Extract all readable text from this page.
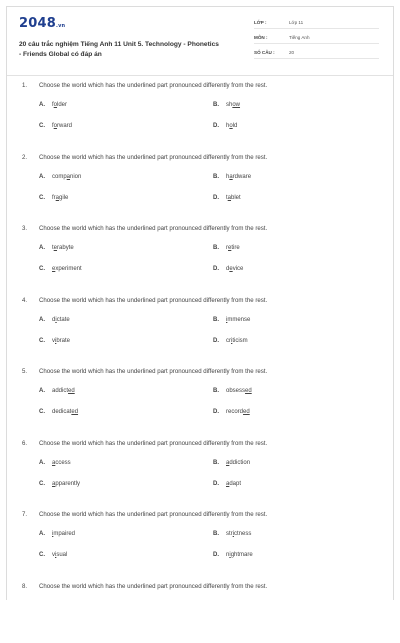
2048.vn
20 câu trắc nghiệm Tiếng Anh 11 Unit 5. Technology - Phonetics - Friends Global có đáp án
LỚP :	Lớp 11
MÔN :	Tiếng Anh
SỐ CÂU :	20
1. Choose the world which has the underlined part pronounced differently from the rest.
A. folder	B. show
C. forward	D. hold
2. Choose the world which has the underlined part pronounced differently from the rest.
A. companion	B. hardware
C. fragile	D. tablet
3. Choose the world which has the underlined part pronounced differently from the rest.
A. terabyte	B. retire
C. experiment	D. device
4. Choose the world which has the underlined part pronounced differently from the rest.
A. dictate	B. immense
C. vibrate	D. criticism
5. Choose the world which has the underlined part pronounced differently from the rest.
A. addicted	B. obsessed
C. dedicated	D. recorded
6. Choose the world which has the underlined part pronounced differently from the rest.
A. access	B. addiction
C. apparently	D. adapt
7. Choose the world which has the underlined part pronounced differently from the rest.
A. impaired	B. strictness
C. visual	D. nightmare
8. Choose the world which has the underlined part pronounced differently from the rest.
